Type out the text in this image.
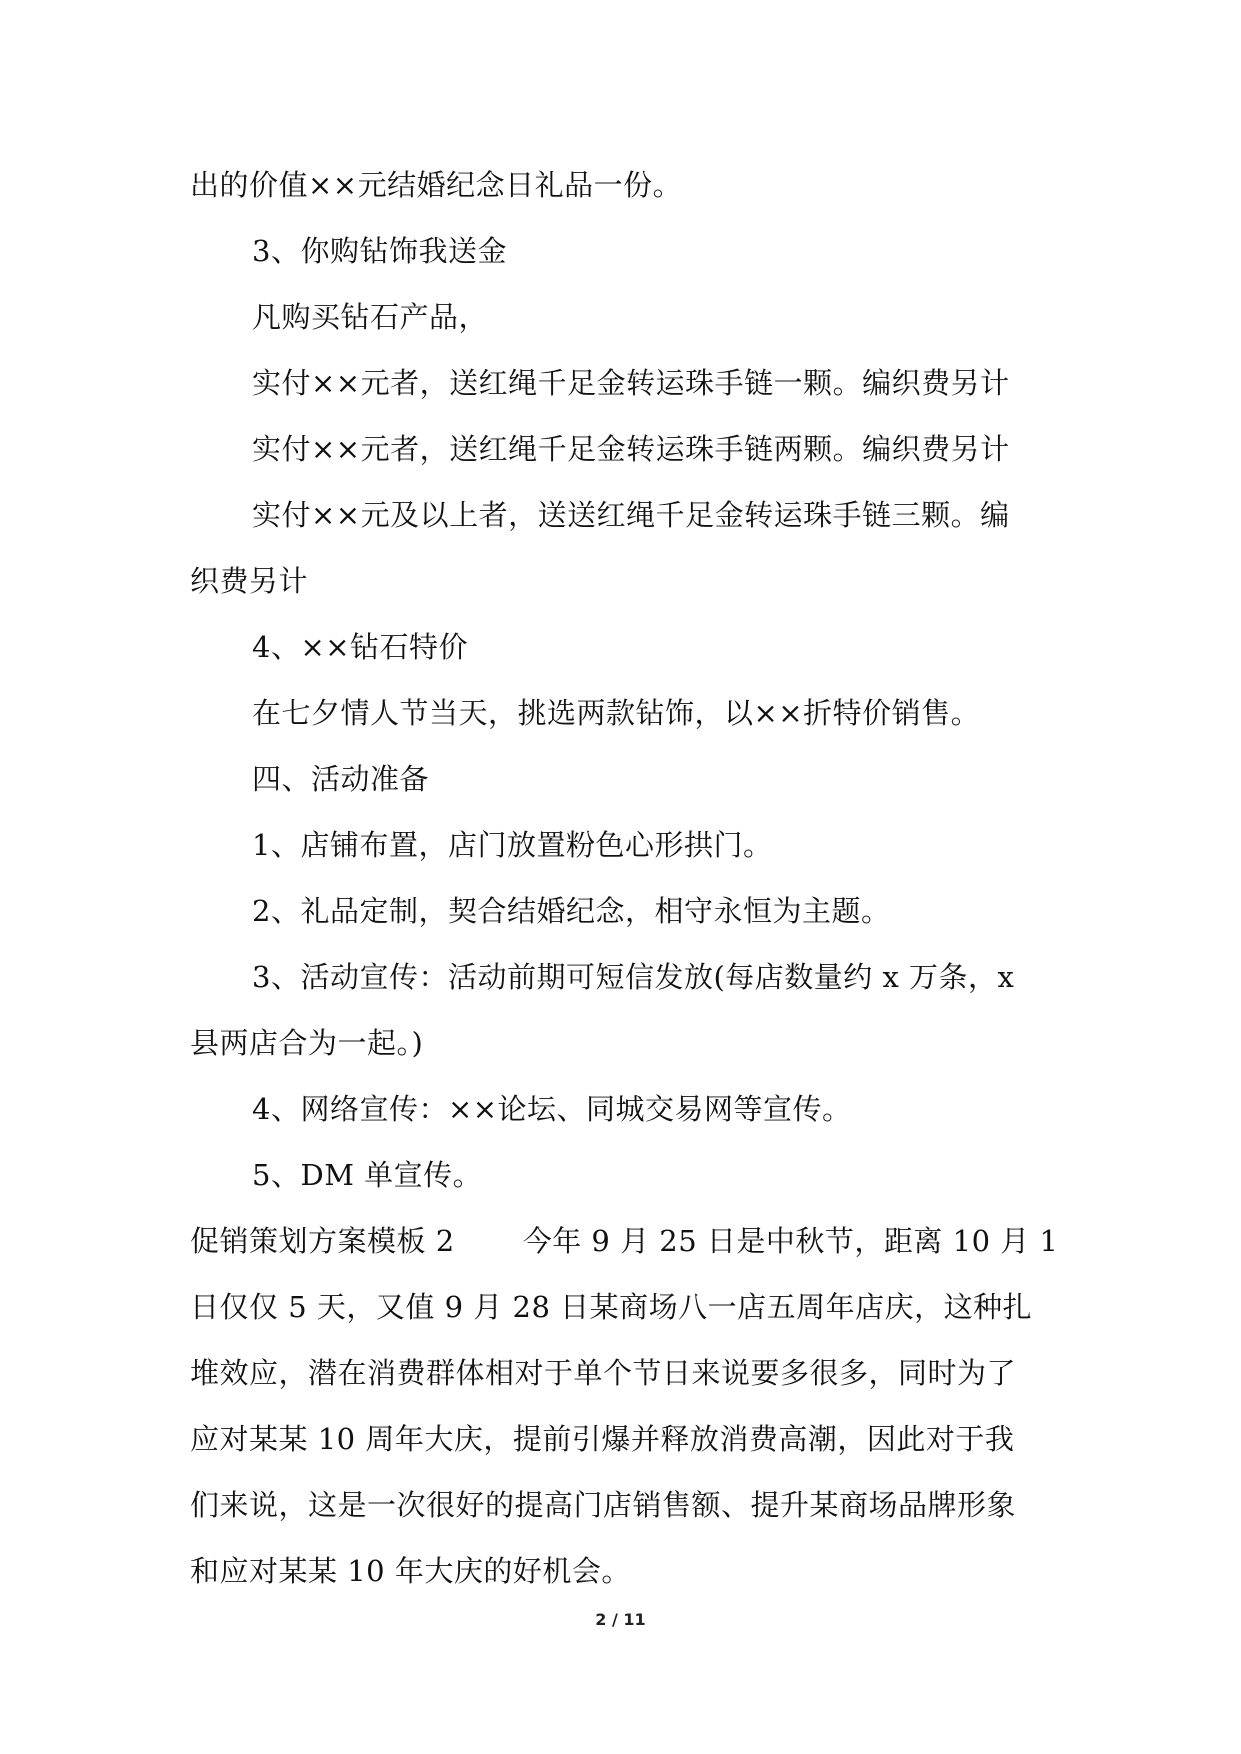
出的价值××元结婚纪念日礼品一份。
3、你购钻饰我送金
凡购买钻石产品，
实付××元者，送红绳千足金转运珠手链一颗。编织费另计
实付××元者，送红绳千足金转运珠手链两颗。编织费另计
实付××元及以上者，送送红绳千足金转运珠手链三颗。编
织费另计
4、××钻石特价
在七夕情人节当天，挑选两款钻饰，以××折特价销售。
四、活动准备
1、店铺布置，店门放置粉色心形拱门。
2、礼品定制，契合结婚纪念，相守永恒为主题。
3、活动宣传：活动前期可短信发放(每店数量约 x 万条，x
县两店合为一起。)
4、网络宣传：××论坛、同城交易网等宣传。
5、DM 单宣传。
促销策划方案模板 2       今年 9 月 25 日是中秋节，距离 10 月 1
日仅仅 5 天，又值 9 月 28 日某商场八一店五周年店庆，这种扎
堆效应，潜在消费群体相对于单个节日来说要多很多，同时为了
应对某某 10 周年大庆，提前引爆并释放消费高潮，因此对于我
们来说，这是一次很好的提高门店销售额、提升某商场品牌形象
和应对某某 10 年大庆的好机会。
2 / 11
